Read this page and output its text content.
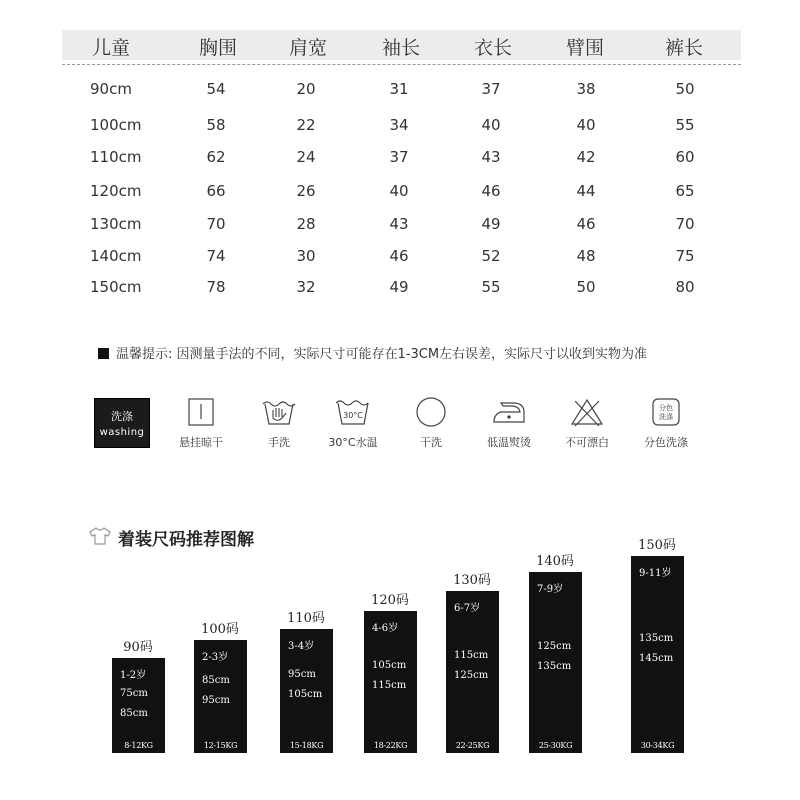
儿童	胸围	肩宽	袖长	衣长	臂围	裤长
90cm	54	20	31	37	38	50
100cm	58	22	34	40	40	55
110cm	62	24	37	43	42	60
120cm	66	26	40	46	44	65
130cm	70	28	43	49	46	70
140cm	74	30	46	52	48	75
150cm	78	32	49	55	50	80
温馨提示: 因测量手法的不同，实际尺寸可能存在1-3CM左右误差，实际尺寸以收到实物为准
洗涤
washing
悬挂晾干	手洗
30°C
30°C水温	干洗	低温熨烫	不可漂白
分色
洗涤
分色洗涤
着装尺码推荐图解
1-2岁
75cm
85cm
8-12KG
90码
2-3岁
85cm
95cm
12-15KG
100码
3-4岁
95cm
105cm
15-18KG
110码
4-6岁
105cm
115cm
18-22KG
120码
6-7岁
115cm
125cm
22-25KG
130码
7-9岁
125cm
135cm
25-30KG
140码
9-11岁
135cm
145cm
30-34KG
150码
